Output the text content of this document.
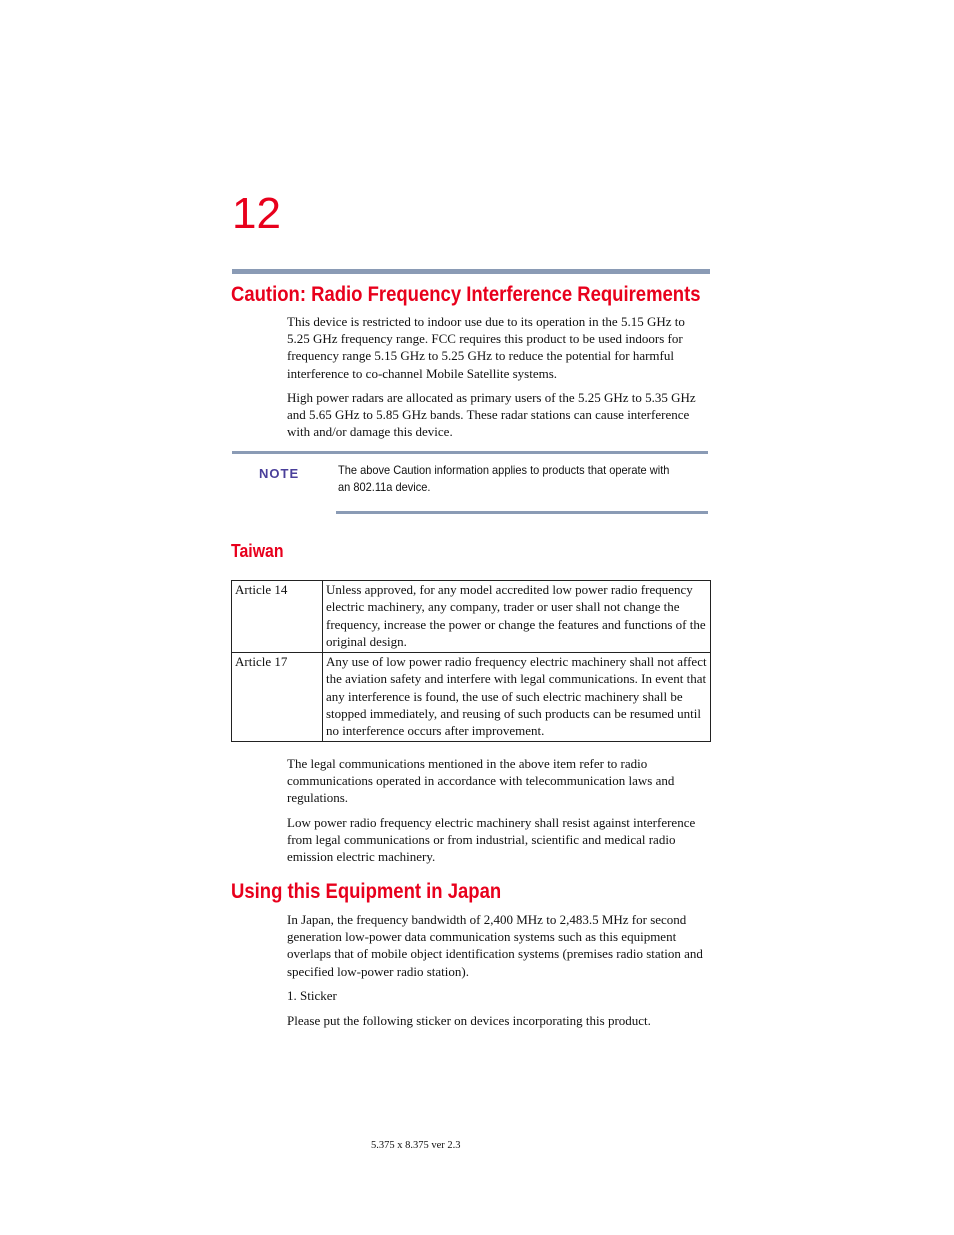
12
Caution: Radio Frequency Interference Requirements

This device is restricted to indoor use due to its operation in the 5.15 GHz to 5.25 GHz frequency range. FCC requires this product to be used indoors for frequency range 5.15 GHz to 5.25 GHz to reduce the potential for harmful interference to co-channel Mobile Satellite systems.

High power radars are allocated as primary users of the 5.25 GHz to 5.35 GHz and 5.65 GHz to 5.85 GHz bands. These radar stations can cause interference with and/or damage this device.

NOTE	The above Caution information applies to products that operate with an 802.11a device.
Taiwan
Article 14	Unless approved, for any model accredited low power radio frequency electric machinery, any company, trader or user shall not change the frequency, increase the power or change the features and functions of the original design.
Article 17	Any use of low power radio frequency electric machinery shall not affect the aviation safety and interfere with legal communications. In event that any interference is found, the use of such electric machinery shall be stopped immediately, and reusing of such products can be resumed until no interference occurs after improvement.

The legal communications mentioned in the above item refer to radio communications operated in accordance with telecommunication laws and regulations.

Low power radio frequency electric machinery shall resist against interference from legal communications or from industrial, scientific and medical radio emission electric machinery.

Using this Equipment in Japan

In Japan, the frequency bandwidth of 2,400 MHz to 2,483.5 MHz for second generation low-power data communication systems such as this equipment overlaps that of mobile object identification systems (premises radio station and specified low-power radio station).

1. Sticker

Please put the following sticker on devices incorporating this product.

5.375 x 8.375 ver 2.3
